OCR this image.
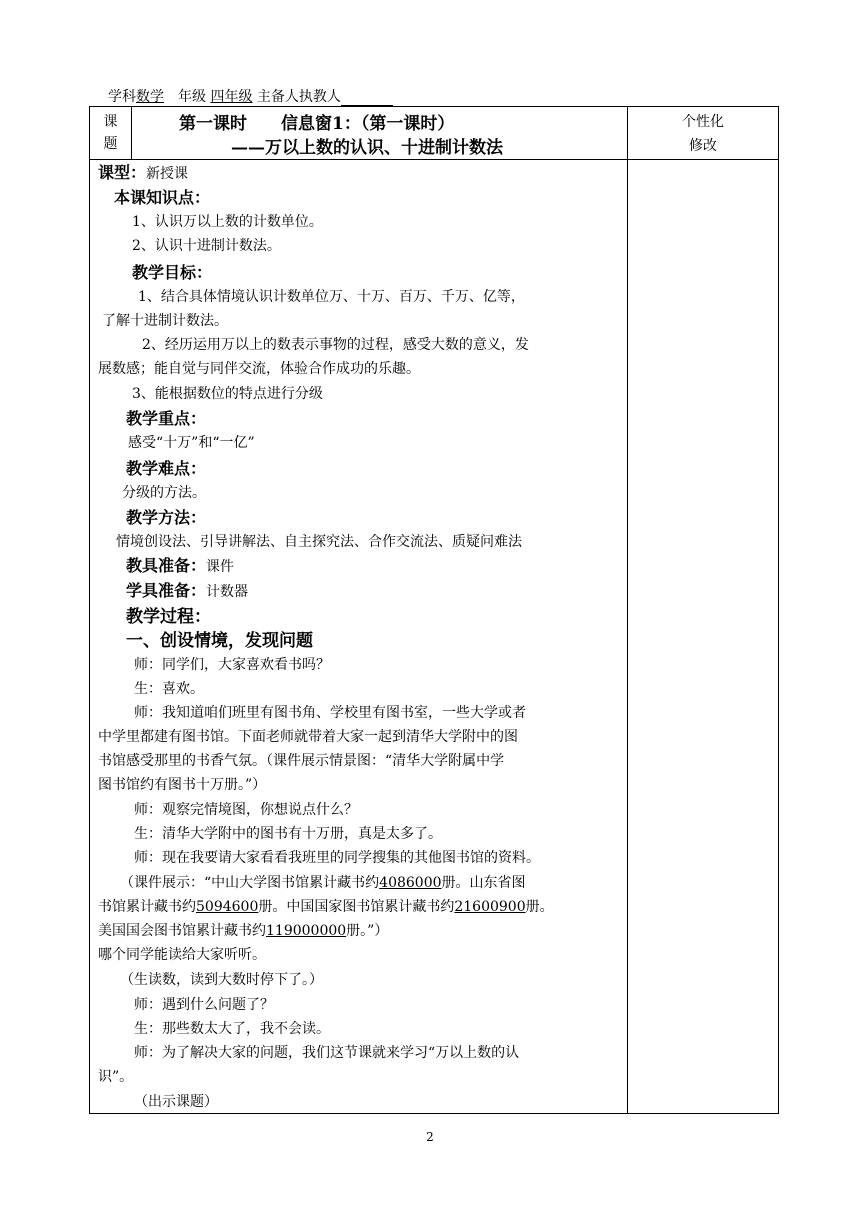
学科数学　 年级 四年级 主备人执教人
课
题
第一课时　　信息窗1：（第一课时）
——万以上数的认识、十进制计数法
个性化
修改

课型：新授课

本课知识点：

1、认识万以上数的计数单位。

2、认识十进制计数法。

教学目标：

1、结合具体情境认识计数单位万、十万、百万、千万、亿等，

了解十进制计数法。

2、经历运用万以上的数表示事物的过程，感受大数的意义，发

展数感；能自觉与同伴交流，体验合作成功的乐趣。

3、能根据数位的特点进行分级

教学重点：

感受“十万”和“一亿”

教学难点：

分级的方法。

教学方法：

情境创设法、引导讲解法、自主探究法、合作交流法、质疑问难法

教具准备：课件

学具准备：计数器

教学过程：

一、创设情境，发现问题

师：同学们，大家喜欢看书吗？

生：喜欢。

师：我知道咱们班里有图书角、学校里有图书室，一些大学或者

中学里都建有图书馆。下面老师就带着大家一起到清华大学附中的图

书馆感受那里的书香气氛。（课件展示情景图：“清华大学附属中学

图书馆约有图书十万册。”）

师：观察完情境图，你想说点什么？

生：清华大学附中的图书有十万册，真是太多了。

师：现在我要请大家看看我班里的同学搜集的其他图书馆的资料。

（课件展示：“中山大学图书馆累计藏书约4086000册。山东省图

书馆累计藏书约5094600册。中国国家图书馆累计藏书约21600900册。

美国国会图书馆累计藏书约119000000册。”）

哪个同学能读给大家听听。

（生读数，读到大数时停下了。）

师：遇到什么问题了？

生：那些数太大了，我不会读。

师：为了解决大家的问题，我们这节课就来学习“万以上数的认

识”。

（出示课题）

2
